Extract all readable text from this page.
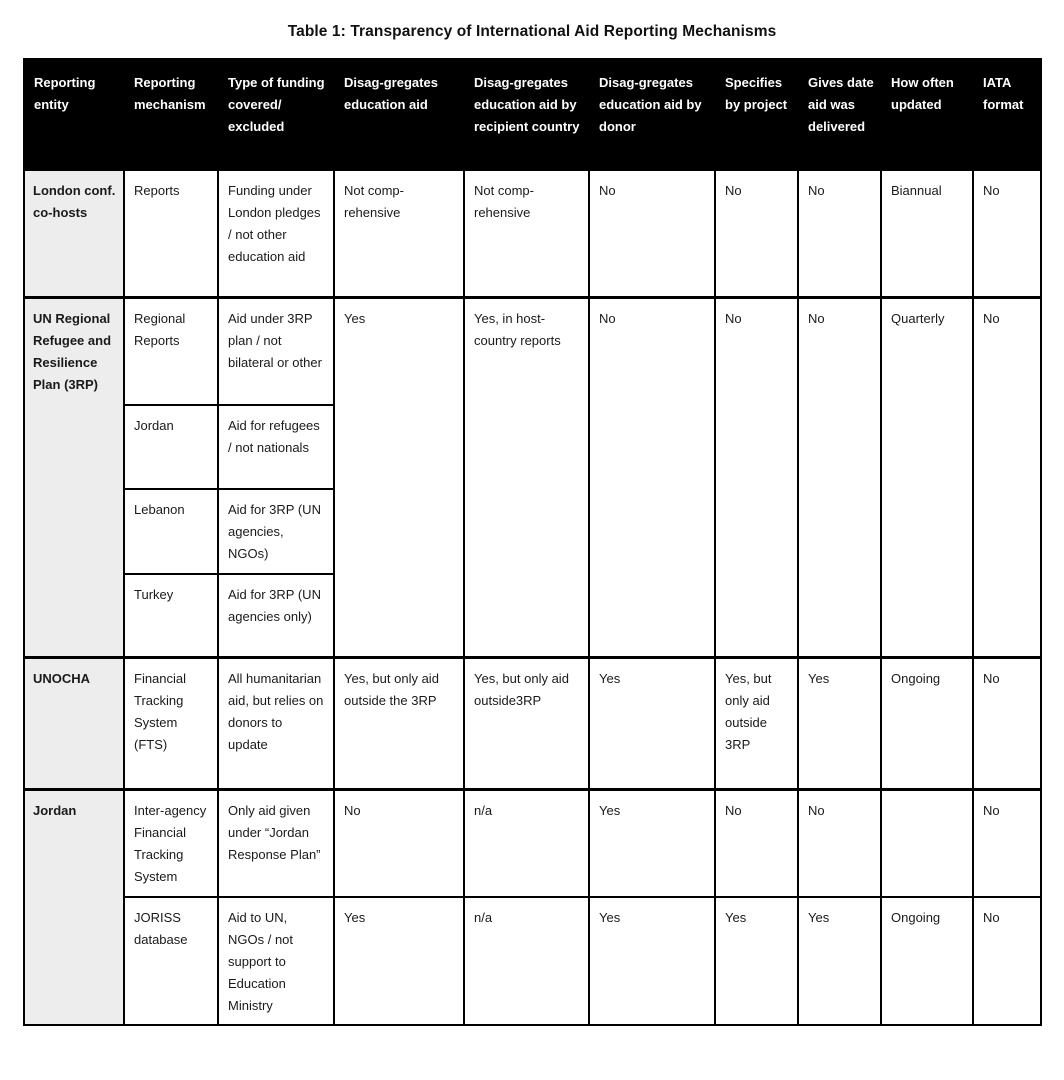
Table 1: Transparency of International Aid Reporting Mechanisms
Reporting entity	Reporting mechanism	Type of funding covered/ excluded	Disag-gregates education aid	Disag-gregates education aid by recipient country	Disag-gregates education aid by donor	Specifies by project	Gives date aid was delivered	How often updated	IATA format
London conf. co-hosts	Reports	Funding under London pledges / not other education aid	Not comp-rehensive	Not comp-rehensive	No	No	No	Biannual	No
UN Regional Refugee and Resilience Plan (3RP)	Regional Reports	Aid under 3RP plan / not bilateral or other	Yes	Yes, in host-country reports	No	No	No	Quarterly	No
	Jordan	Aid for refugees / not nationals							
	Lebanon	Aid for 3RP (UN agencies, NGOs)							
	Turkey	Aid for 3RP (UN agencies only)							
UNOCHA	Financial Tracking System (FTS)	All humanitarian aid, but relies on donors to update	Yes, but only aid outside the 3RP	Yes, but only aid outside3RP	Yes	Yes, but only aid outside 3RP	Yes	Ongoing	No
Jordan	Inter-agency Financial Tracking System	Only aid given under “Jordan Response Plan”	No	n/a	Yes	No	No		No
	JORISS database	Aid to UN, NGOs / not support to Education Ministry	Yes	n/a	Yes	Yes	Yes	Ongoing	No
